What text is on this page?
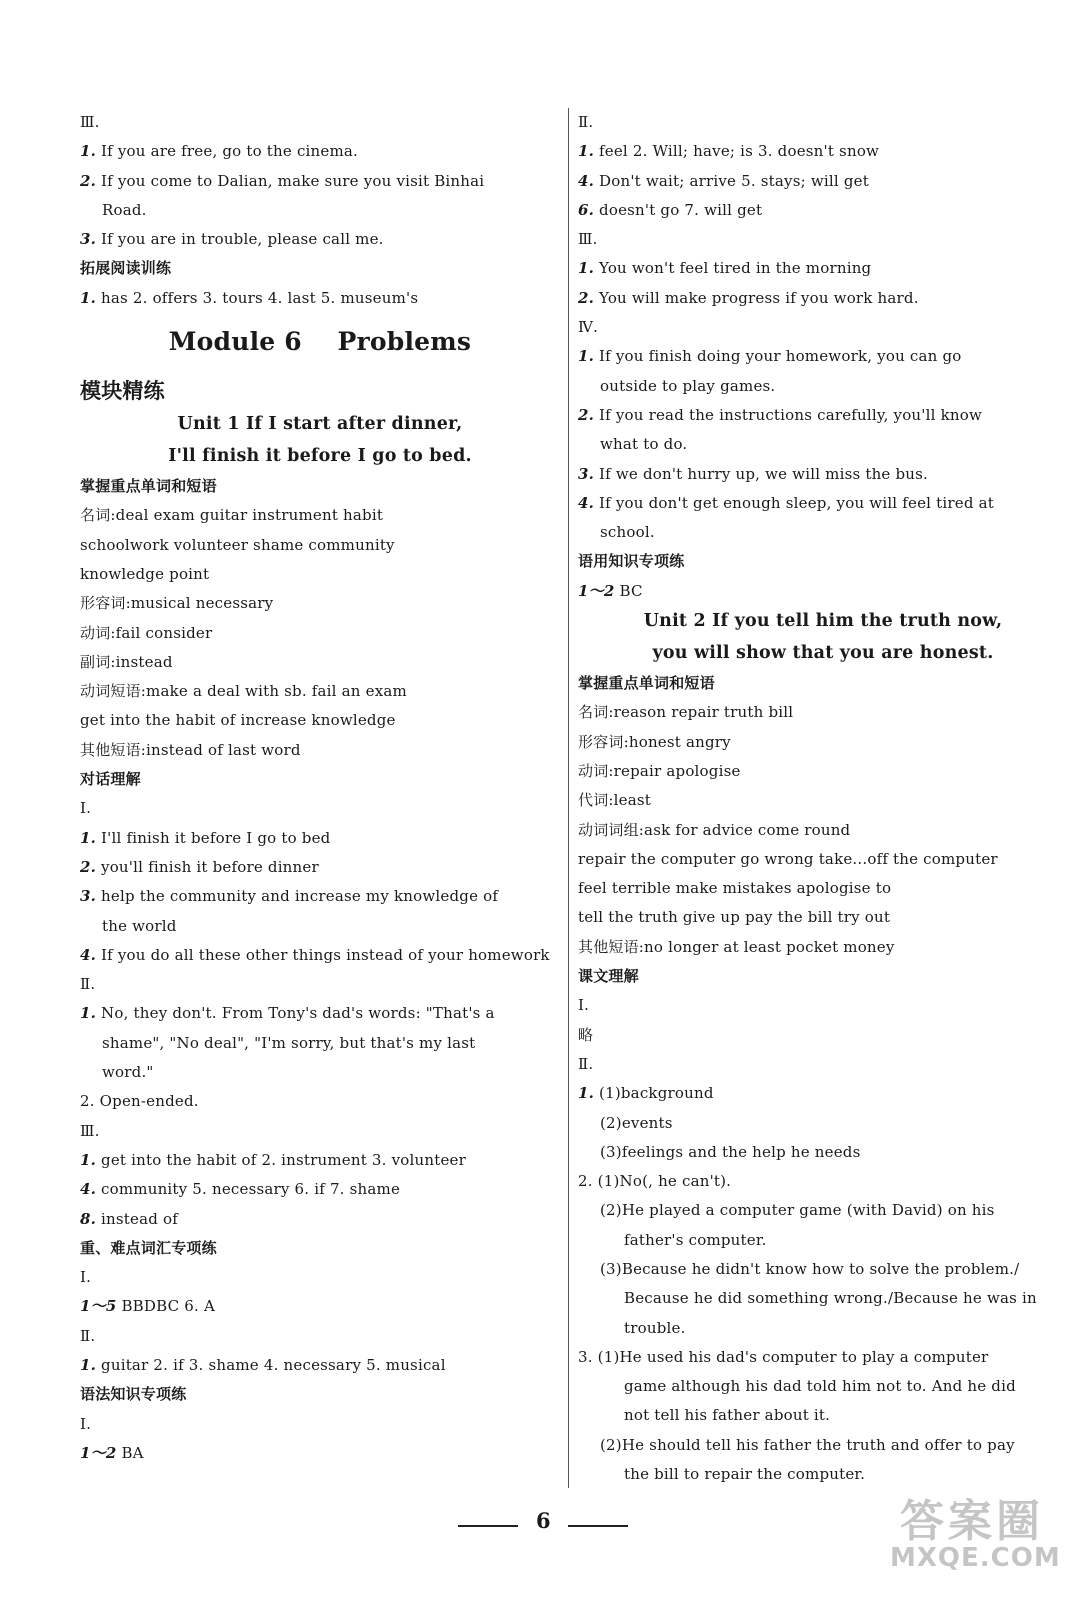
Ⅲ.
1. If you are free, go to the cinema.
2. If you come to Dalian, make sure you visit Binhai
Road.
3. If you are in trouble, please call me.
拓展阅读训练
1. has 2. offers 3. tours 4. last 5. museum's
Module 6    Problems
模块精练
Unit 1 If I start after dinner,
I'll finish it before I go to bed.
掌握重点单词和短语
名词:deal exam guitar instrument habit
schoolwork volunteer shame community
knowledge point
形容词:musical necessary
动词:fail consider
副词:instead
动词短语:make a deal with sb. fail an exam
get into the habit of increase knowledge
其他短语:instead of last word
对话理解
Ⅰ.
1. I'll finish it before I go to bed
2. you'll finish it before dinner
3. help the community and increase my knowledge of
the world
4. If you do all these other things instead of your homework
Ⅱ.
1. No, they don't. From Tony's dad's words: "That's a
shame", "No deal", "I'm sorry, but that's my last
word."
2. Open-ended.
Ⅲ.
1. get into the habit of 2. instrument 3. volunteer
4. community 5. necessary 6. if 7. shame
8. instead of
重、难点词汇专项练
Ⅰ.
1～5 BBDBC 6. A
Ⅱ.
1. guitar 2. if 3. shame 4. necessary 5. musical
语法知识专项练
Ⅰ.
1～2 BA
Ⅱ.
1. feel 2. Will; have; is 3. doesn't snow
4. Don't wait; arrive 5. stays; will get
6. doesn't go 7. will get
Ⅲ.
1. You won't feel tired in the morning
2. You will make progress if you work hard.
Ⅳ.
1. If you finish doing your homework, you can go
outside to play games.
2. If you read the instructions carefully, you'll know
what to do.
3. If we don't hurry up, we will miss the bus.
4. If you don't get enough sleep, you will feel tired at
school.
语用知识专项练
1～2 BC
Unit 2 If you tell him the truth now,
you will show that you are honest.
掌握重点单词和短语
名词:reason repair truth bill
形容词:honest angry
动词:repair apologise
代词:least
动词词组:ask for advice come round
repair the computer go wrong take...off the computer
feel terrible make mistakes apologise to
tell the truth give up pay the bill try out
其他短语:no longer at least pocket money
课文理解
Ⅰ.
略
Ⅱ.
1. (1)background
(2)events
(3)feelings and the help he needs
2. (1)No(, he can't).
(2)He played a computer game (with David) on his
father's computer.
(3)Because he didn't know how to solve the problem./
Because he did something wrong./Because he was in
trouble.
3. (1)He used his dad's computer to play a computer
game although his dad told him not to. And he did
not tell his father about it.
(2)He should tell his father the truth and offer to pay
the bill to repair the computer.
6	答案圈
MXQE.COM
